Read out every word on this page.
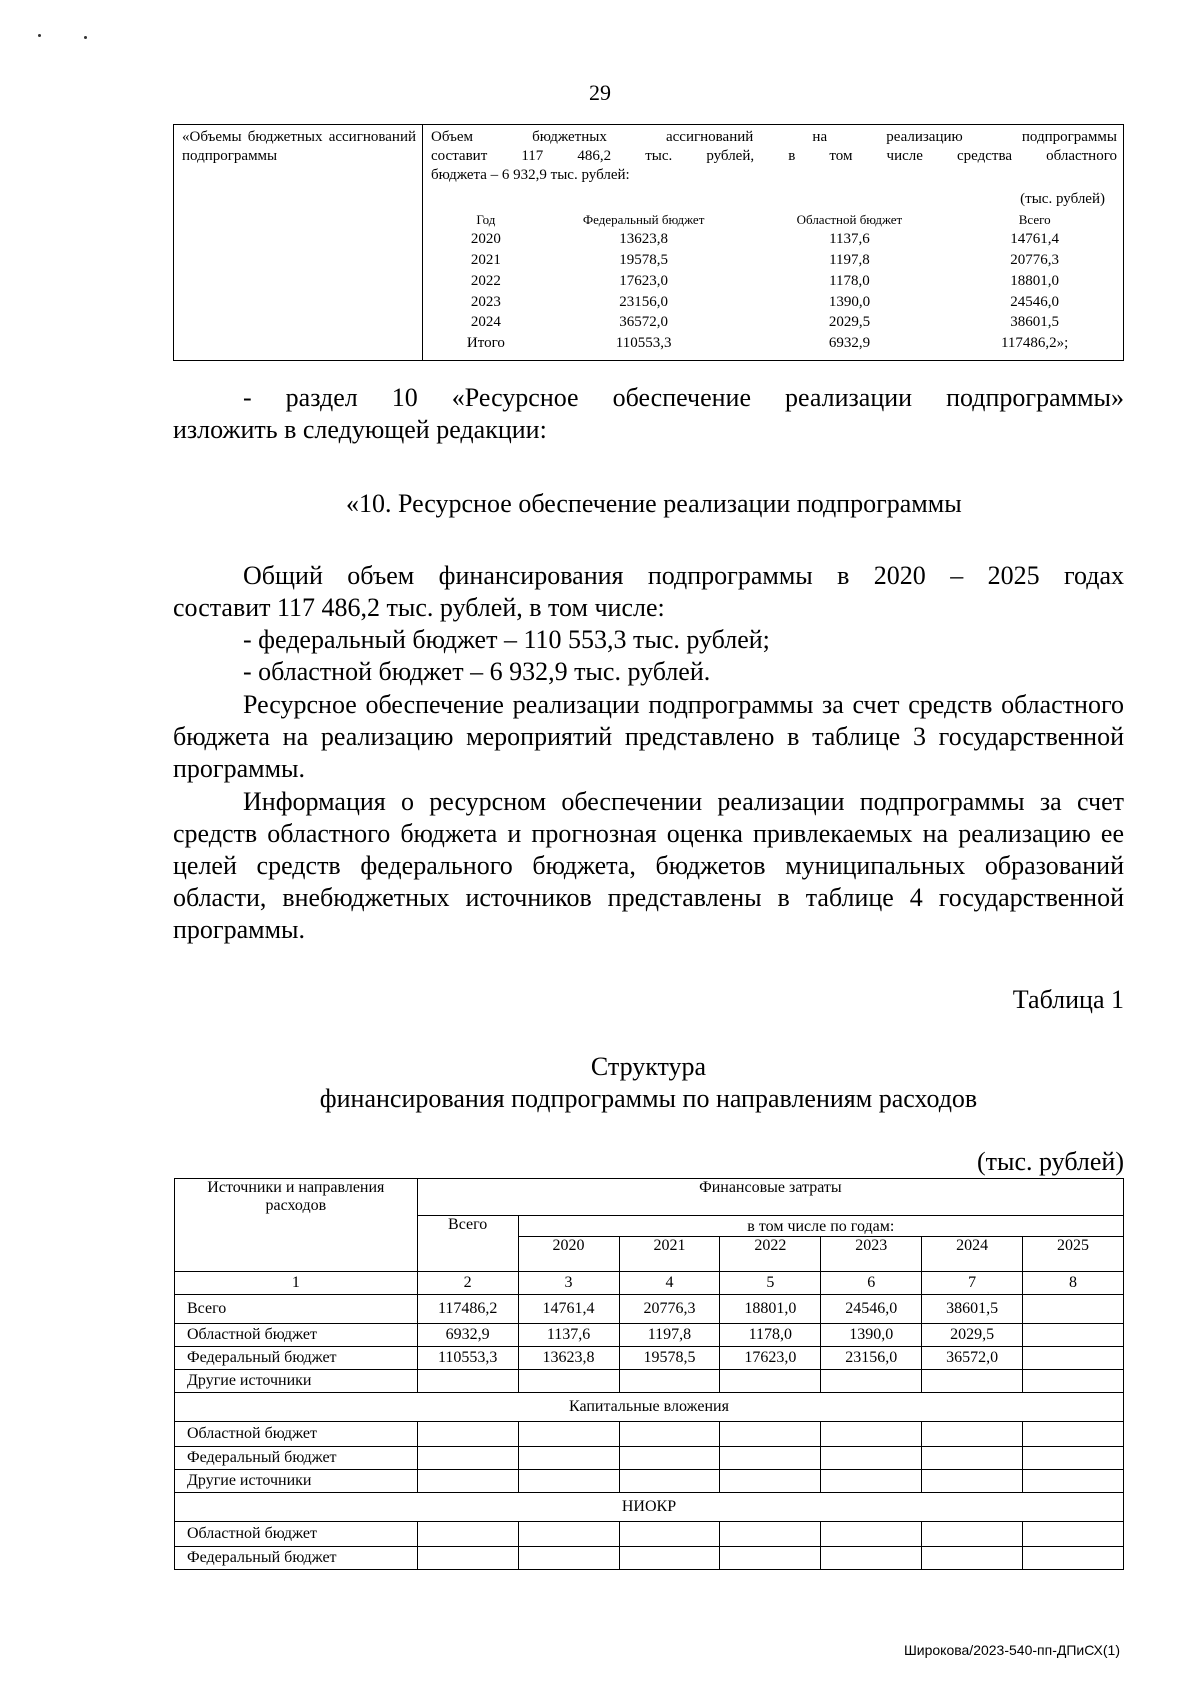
29
«Объемы бюджетных ассигнований подпрограммы

Объем бюджетных ассигнований на реализацию подпрограммы
составит 117 486,2 тыс. рублей, в том числе средства областного
бюджета – 6 932,9 тыс. рублей:
(тыс. рублей)
Год	Федеральный бюджет	Областной бюджет	Всего
2020	13623,8	1137,6	14761,4
2021	19578,5	1197,8	20776,3
2022	17623,0	1178,0	18801,0
2023	23156,0	1390,0	24546,0
2024	36572,0	2029,5	38601,5
Итого	110553,3	6932,9	117486,2»;
- раздел 10 «Ресурсное обеспечение реализации подпрограммы»
изложить в следующей редакции:
«10. Ресурсное обеспечение реализации подпрограммы
Общий объем финансирования подпрограммы в 2020 – 2025 годах
составит 117 486,2 тыс. рублей, в том числе:
- федеральный бюджет – 110 553,3 тыс. рублей;
- областной бюджет – 6 932,9 тыс. рублей.
Ресурсное обеспечение реализации подпрограммы за счет средств областного бюджета на реализацию мероприятий представлено в таблице 3 государственной программы.
Информация о ресурсном обеспечении реализации подпрограммы за счет средств областного бюджета и прогнозная оценка привлекаемых на реализацию ее целей средств федерального бюджета, бюджетов муниципальных образований области, внебюджетных источников представлены в таблице 4 государственной программы.
Таблица 1
Структура
финансирования подпрограммы по направлениям расходов
(тыс. рублей)
Источники и направления расходов	Финансовые затраты						
	Всего	в том числе по годам:					
		2020	2021	2022	2023	2024	2025
1	2	3	4	5	6	7	8
Всего	117486,2	14761,4	20776,3	18801,0	24546,0	38601,5	
Областной бюджет	6932,9	1137,6	1197,8	1178,0	1390,0	2029,5	
Федеральный бюджет	110553,3	13623,8	19578,5	17623,0	23156,0	36572,0	
Другие источники							
Капитальные вложения							
Областной бюджет							
Федеральный бюджет							
Другие источники							
НИОКР							
Областной бюджет							
Федеральный бюджет							
Широкова/2023-540-пп-ДПиСХ(1)
